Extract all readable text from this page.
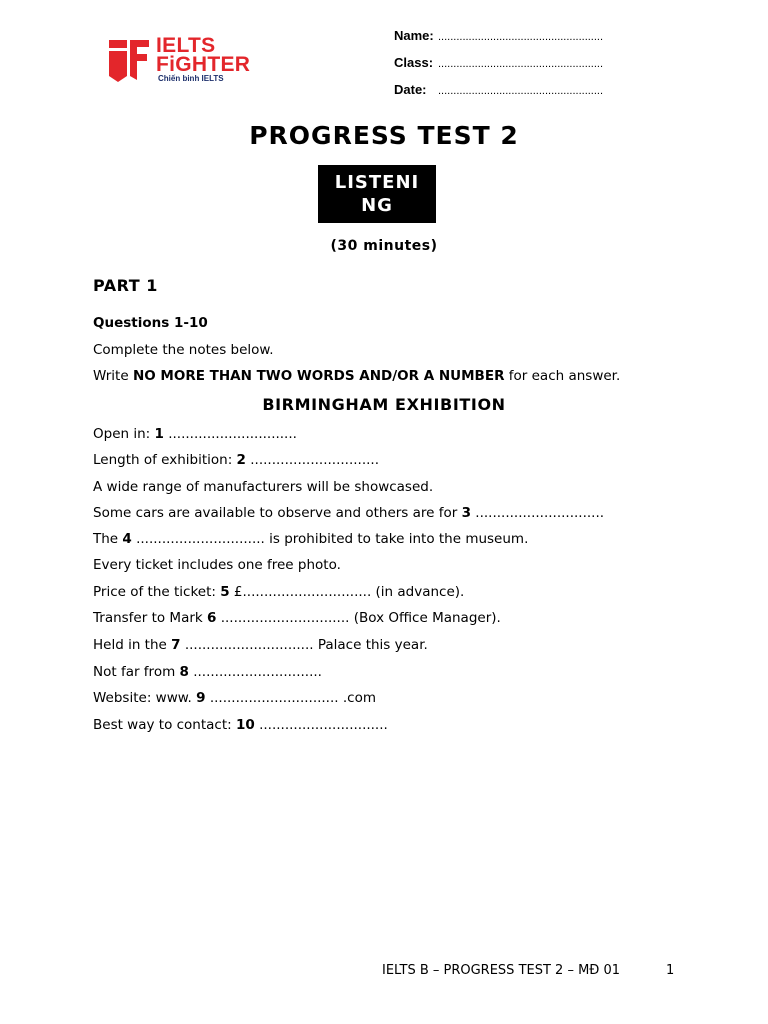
IELTS
FiGHTER
Chiến binh IELTS
Name: ......................................................
Class: ......................................................
Date: ......................................................
PROGRESS TEST 2
LISTENING
(30 minutes)
PART 1
Questions 1-10
Complete the notes below.
Write NO MORE THAN TWO WORDS AND/OR A NUMBER for each answer.
BIRMINGHAM EXHIBITION
Open in: 1 ..............................
Length of exhibition: 2 ..............................
A wide range of manufacturers will be showcased.
Some cars are available to observe and others are for 3 ..............................
The 4 .............................. is prohibited to take into the museum.
Every ticket includes one free photo.
Price of the ticket: 5 £.............................. (in advance).
Transfer to Mark 6 .............................. (Box Office Manager).
Held in the 7 .............................. Palace this year.
Not far from 8 ..............................
Website: www. 9 .............................. .com
Best way to contact: 10 ..............................
IELTS B – PROGRESS TEST 2 – MĐ 01	1
